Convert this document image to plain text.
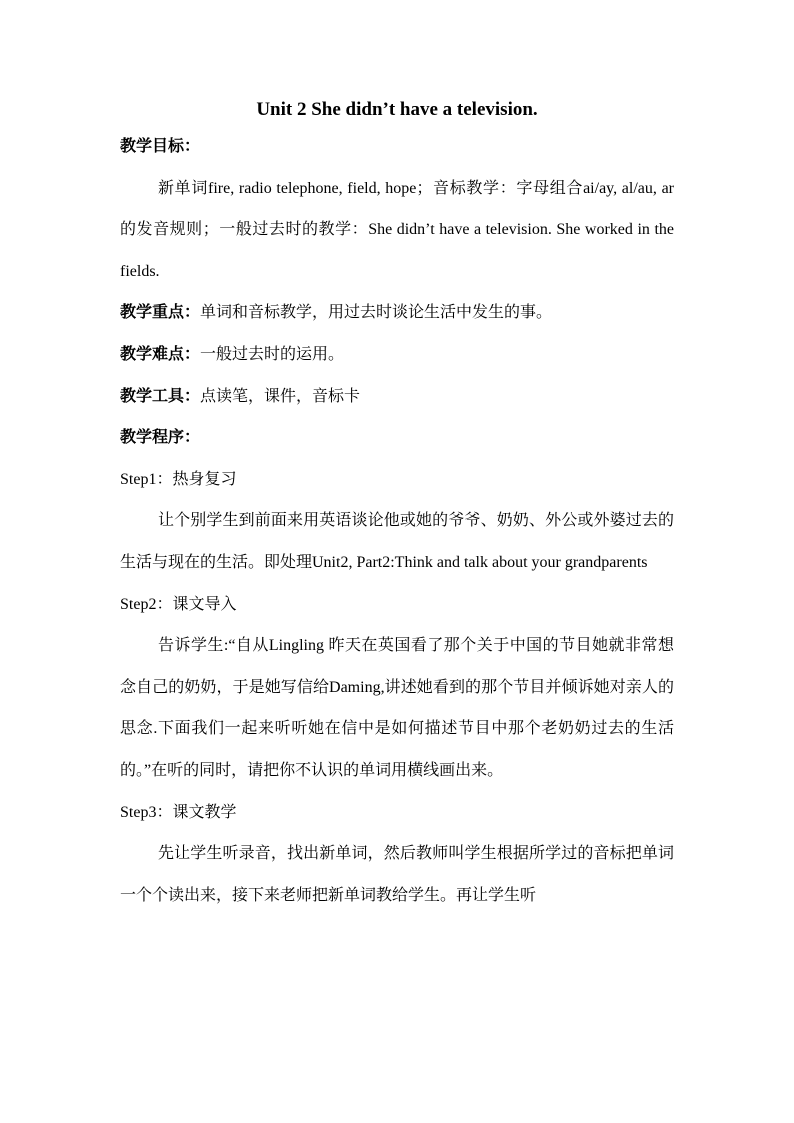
Unit 2 She didn’t have a television.

教学目标：

新单词fire, radio telephone, field, hope；音标教学：字母组合ai/ay, al/au, ar 的发音规则；一般过去时的教学：She didn’t have a television. She worked in the fields.

教学重点：单词和音标教学，用过去时谈论生活中发生的事。

教学难点：一般过去时的运用。

教学工具：点读笔，课件，音标卡

教学程序：

Step1：热身复习

让个别学生到前面来用英语谈论他或她的爷爷、奶奶、外公或外婆过去的生活与现在的生活。即处理Unit2, Part2:Think and talk about your grandparents

Step2：课文导入

告诉学生:“自从Lingling 昨天在英国看了那个关于中国的节目她就非常想念自己的奶奶，于是她写信给Daming,讲述她看到的那个节目并倾诉她对亲人的思念.下面我们一起来听听她在信中是如何描述节目中那个老奶奶过去的生活的。”在听的同时，请把你不认识的单词用横线画出来。

Step3：课文教学

先让学生听录音，找出新单词，然后教师叫学生根据所学过的音标把单词一个个读出来，接下来老师把新单词教给学生。再让学生听
